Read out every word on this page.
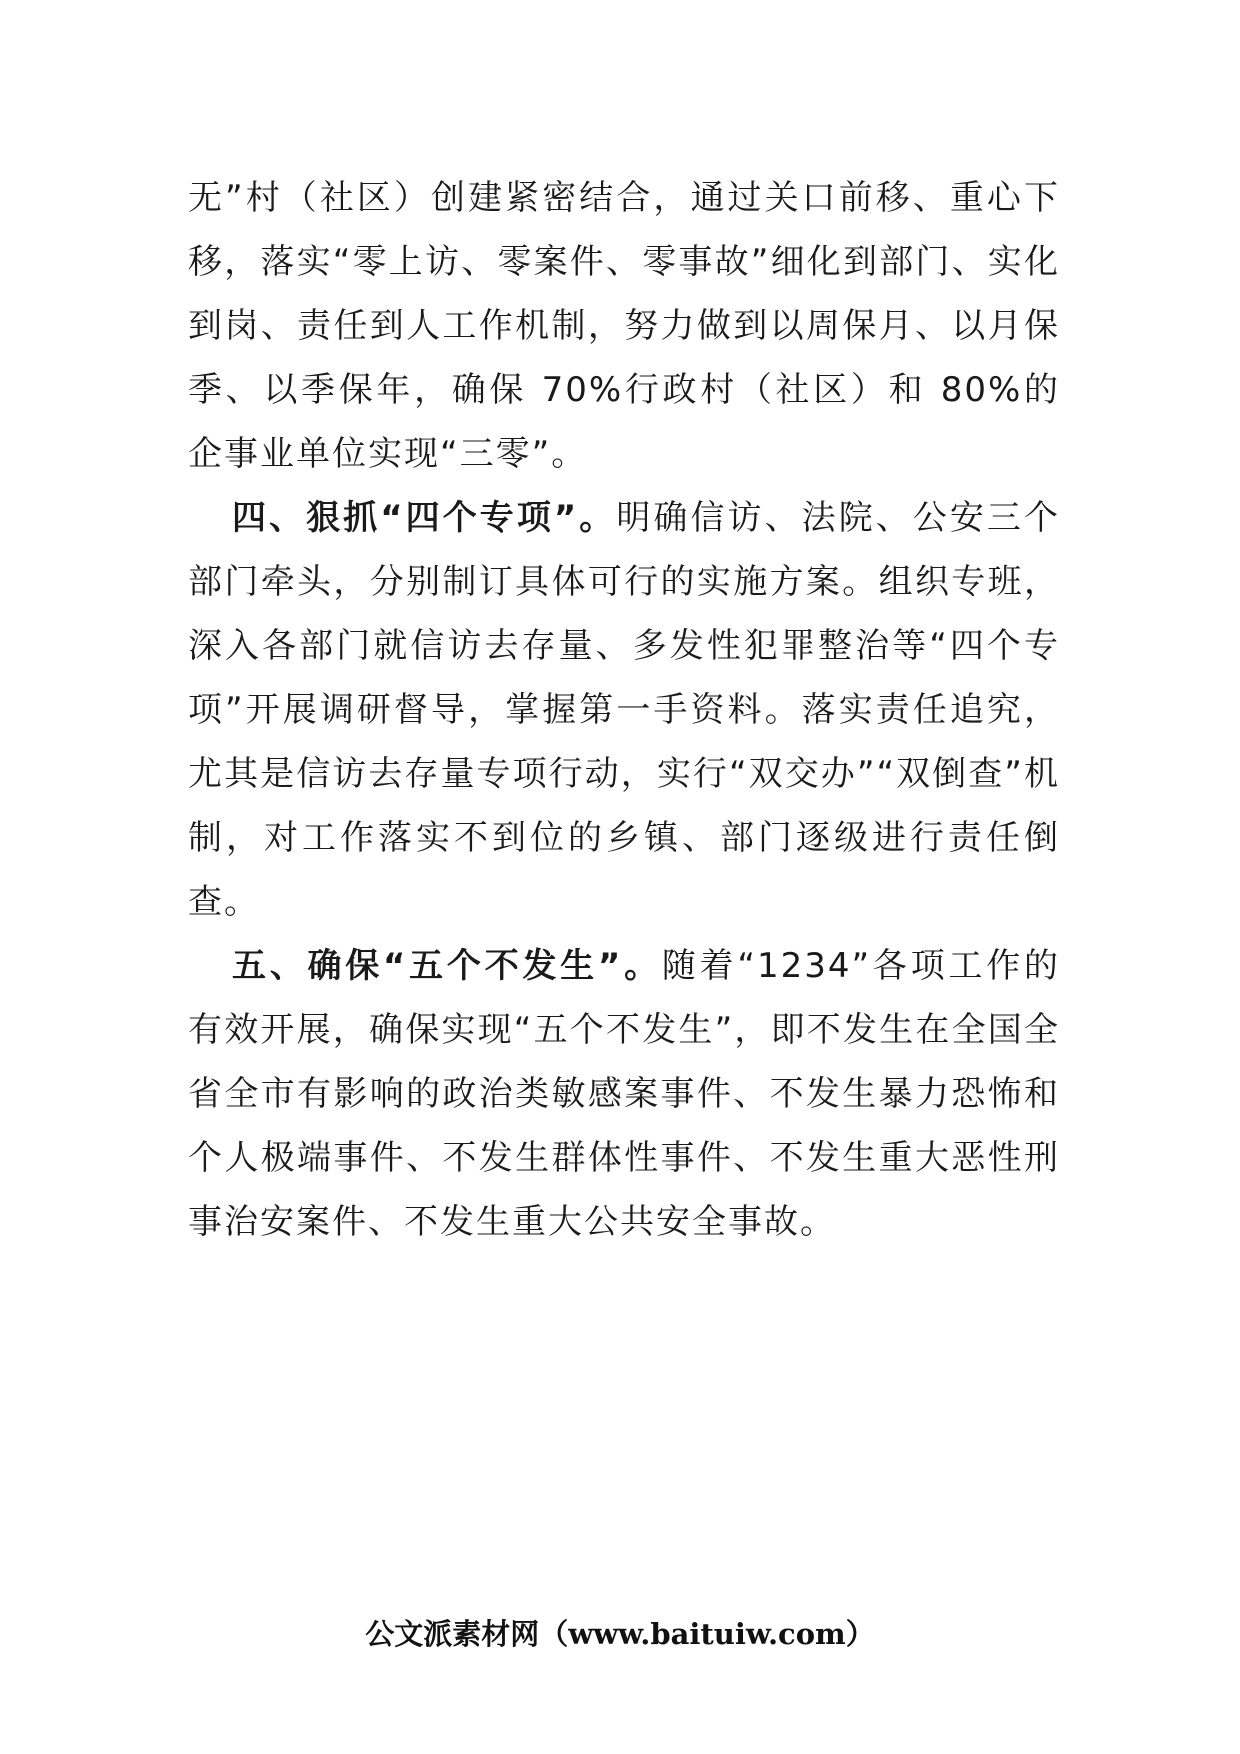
无”村（社区）创建紧密结合，通过关口前移、重心下移，落实“零上访、零案件、零事故”细化到部门、实化到岗、责任到人工作机制，努力做到以周保月、以月保季、以季保年，确保 70%行政村（社区）和 80%的企事业单位实现“三零”。

四、狠抓“四个专项”。明确信访、法院、公安三个部门牵头，分别制订具体可行的实施方案。组织专班，深入各部门就信访去存量、多发性犯罪整治等“四个专项”开展调研督导，掌握第一手资料。落实责任追究，尤其是信访去存量专项行动，实行“双交办”“双倒查”机制，对工作落实不到位的乡镇、部门逐级进行责任倒查。

五、确保“五个不发生”。随着“1234”各项工作的有效开展，确保实现“五个不发生”，即不发生在全国全省全市有影响的政治类敏感案事件、不发生暴力恐怖和个人极端事件、不发生群体性事件、不发生重大恶性刑事治安案件、不发生重大公共安全事故。

公文派素材网（www.baituiw.com）
